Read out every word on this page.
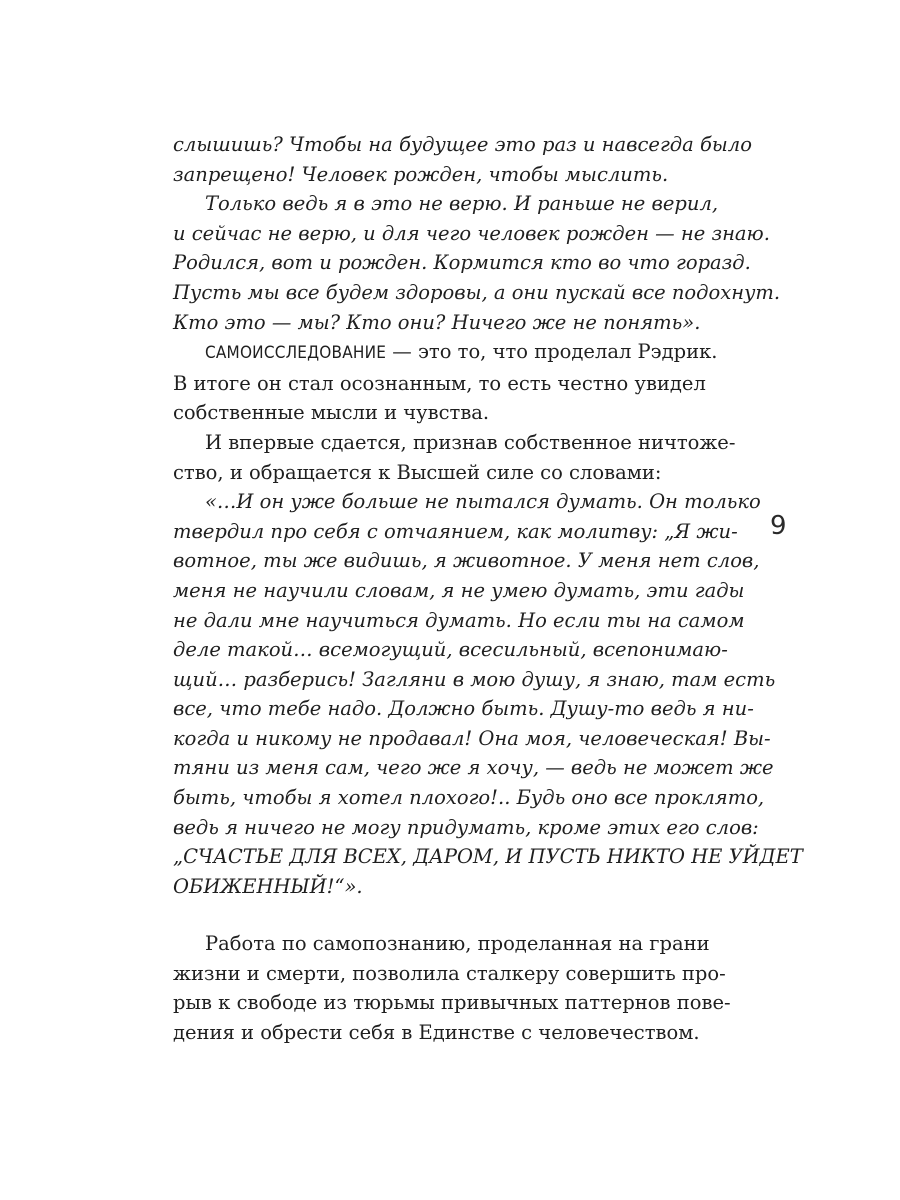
слышишь? Чтобы на будущее это раз и навсегда было
запрещено! Человек рожден, чтобы мыслить.
Только ведь я в это не верю. И раньше не верил,
и сейчас не верю, и для чего человек рожден — не знаю.
Родился, вот и рожден. Кормится кто во что горазд.
Пусть мы все будем здоровы, а они пускай все подохнут.
Кто это — мы? Кто они? Ничего же не понять».
САМОИССЛЕДОВАНИЕ — это то, что проделал Рэдрик.
В итоге он стал осознанным, то есть честно увидел
собственные мысли и чувства.
И впервые сдается, признав собственное ничтоже-
ство, и обращается к Высшей силе со словами:
«…И он уже больше не пытался думать. Он только
твердил про себя с отчаянием, как молитву: „Я жи-
вотное, ты же видишь, я животное. У меня нет слов,
меня не научили словам, я не умею думать, эти гады
не дали мне научиться думать. Но если ты на самом
деле такой… всемогущий, всесильный, всепонимаю-
щий… разберись! Загляни в мою душу, я знаю, там есть
все, что тебе надо. Должно быть. Душу-то ведь я ни-
когда и никому не продавал! Она моя, человеческая! Вы-
тяни из меня сам, чего же я хочу, — ведь не может же
быть, чтобы я хотел плохого!.. Будь оно все проклято,
ведь я ничего не могу придумать, кроме этих его слов:
„СЧАСТЬЕ ДЛЯ ВСЕХ, ДАРОМ, И ПУСТЬ НИКТО НЕ УЙДЕТ
ОБИЖЕННЫЙ!“».
9
Работа по самопознанию, проделанная на грани
жизни и смерти, позволила сталкеру совершить про-
рыв к свободе из тюрьмы привычных паттернов пове-
дения и обрести себя в Единстве с человечеством.
